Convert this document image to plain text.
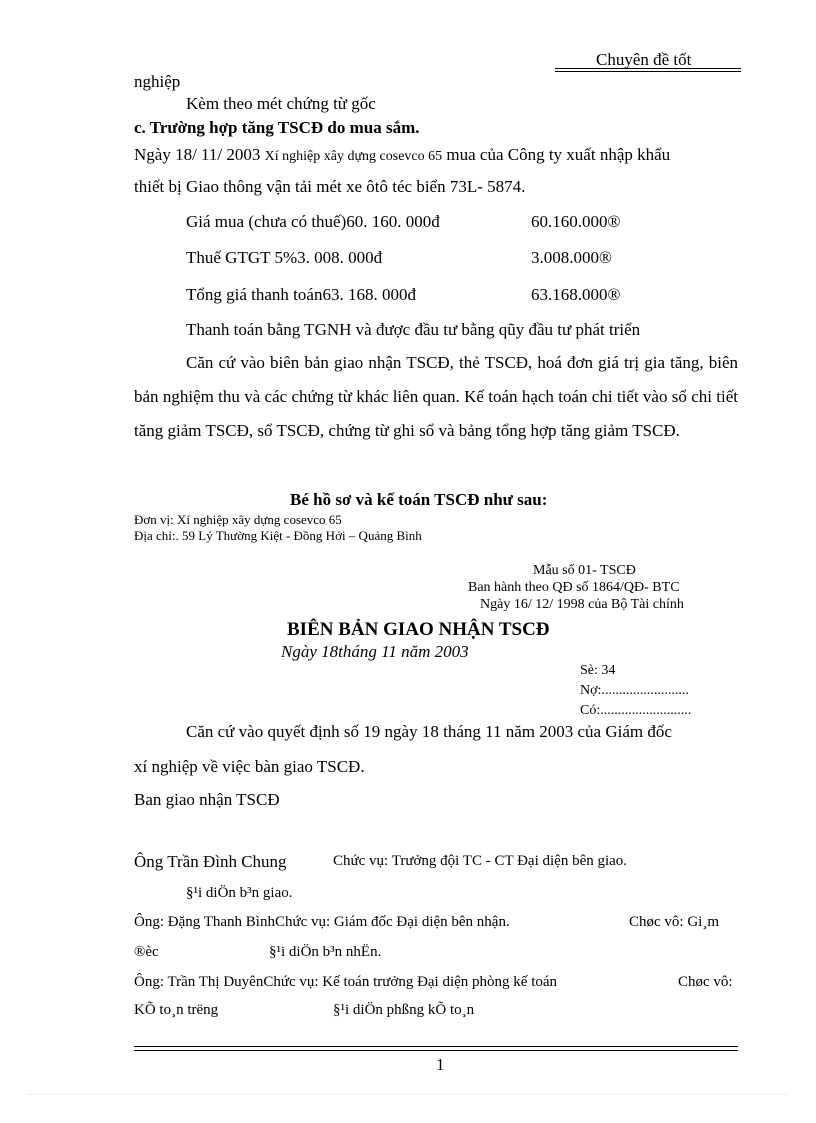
Chuyên đề tốt
nghiệp
Kèm theo mét chứng từ gốc
c. Trường hợp tăng TSCĐ do mua sắm.
Ngày 18/ 11/ 2003 Xí nghiệp xây dựng cosevco 65 mua của Công ty xuất nhập khẩu
thiết bị Giao thông vận tải mét xe ôtô téc biển 73L- 5874.
Giá mua (chưa có thuế)60. 160. 000đ	60.160.000®
Thuế GTGT 5%3. 008. 000đ	3.008.000®
Tổng giá thanh toán63. 168. 000đ	63.168.000®
Thanh toán bằng TGNH và được đầu tư bằng qũy đầu tư phát triển
Căn cứ vào biên bản giao nhận TSCĐ, thẻ TSCĐ, hoá đơn giá trị gia tăng, biên bản nghiệm thu và các chứng từ khác liên quan. Kế toán hạch toán chi tiết vào sổ chi tiết tăng giảm TSCĐ, sổ TSCĐ, chứng từ ghi sổ và bảng tổng hợp tăng giảm TSCĐ.
Bé hồ sơ và kế toán TSCĐ như sau:
Đơn vị: Xí nghiệp xây dựng cosevco 65
Địa chỉ:. 59 Lý Thường Kiệt - Đồng Hới – Quảng Bình
Mẫu số 01- TSCĐ
Ban hành theo QĐ số 1864/QĐ- BTC
Ngày 16/ 12/ 1998 của Bộ Tài chính
BIÊN BẢN GIAO NHẬN TSCĐ
Ngày 18tháng 11 năm 2003
Sè: 34
Nợ:.........................
Có:..........................
Căn cứ vào quyết định số 19 ngày 18 tháng 11 năm 2003 của Giám đốc
xí nghiệp về việc bàn giao TSCĐ.
Ban giao nhận TSCĐ
Ông Trần Đình Chung	Chức vụ: Trưởng đội TC - CT Đại diện bên giao.
§¹i diÖn b³n giao.
Ông: Đặng Thanh BìnhChức vụ: Giám đốc Đại diện bên nhận.	Chøc vô: Gi¸m
®èc	§¹i diÖn b³n nhËn.
Ông: Trần Thị DuyênChức vụ: Kế toán trưởng Đại diện phòng kế toán	Chøc vô:
KÕ to¸n trëng	§¹i diÖn phßng kÕ to¸n
1
